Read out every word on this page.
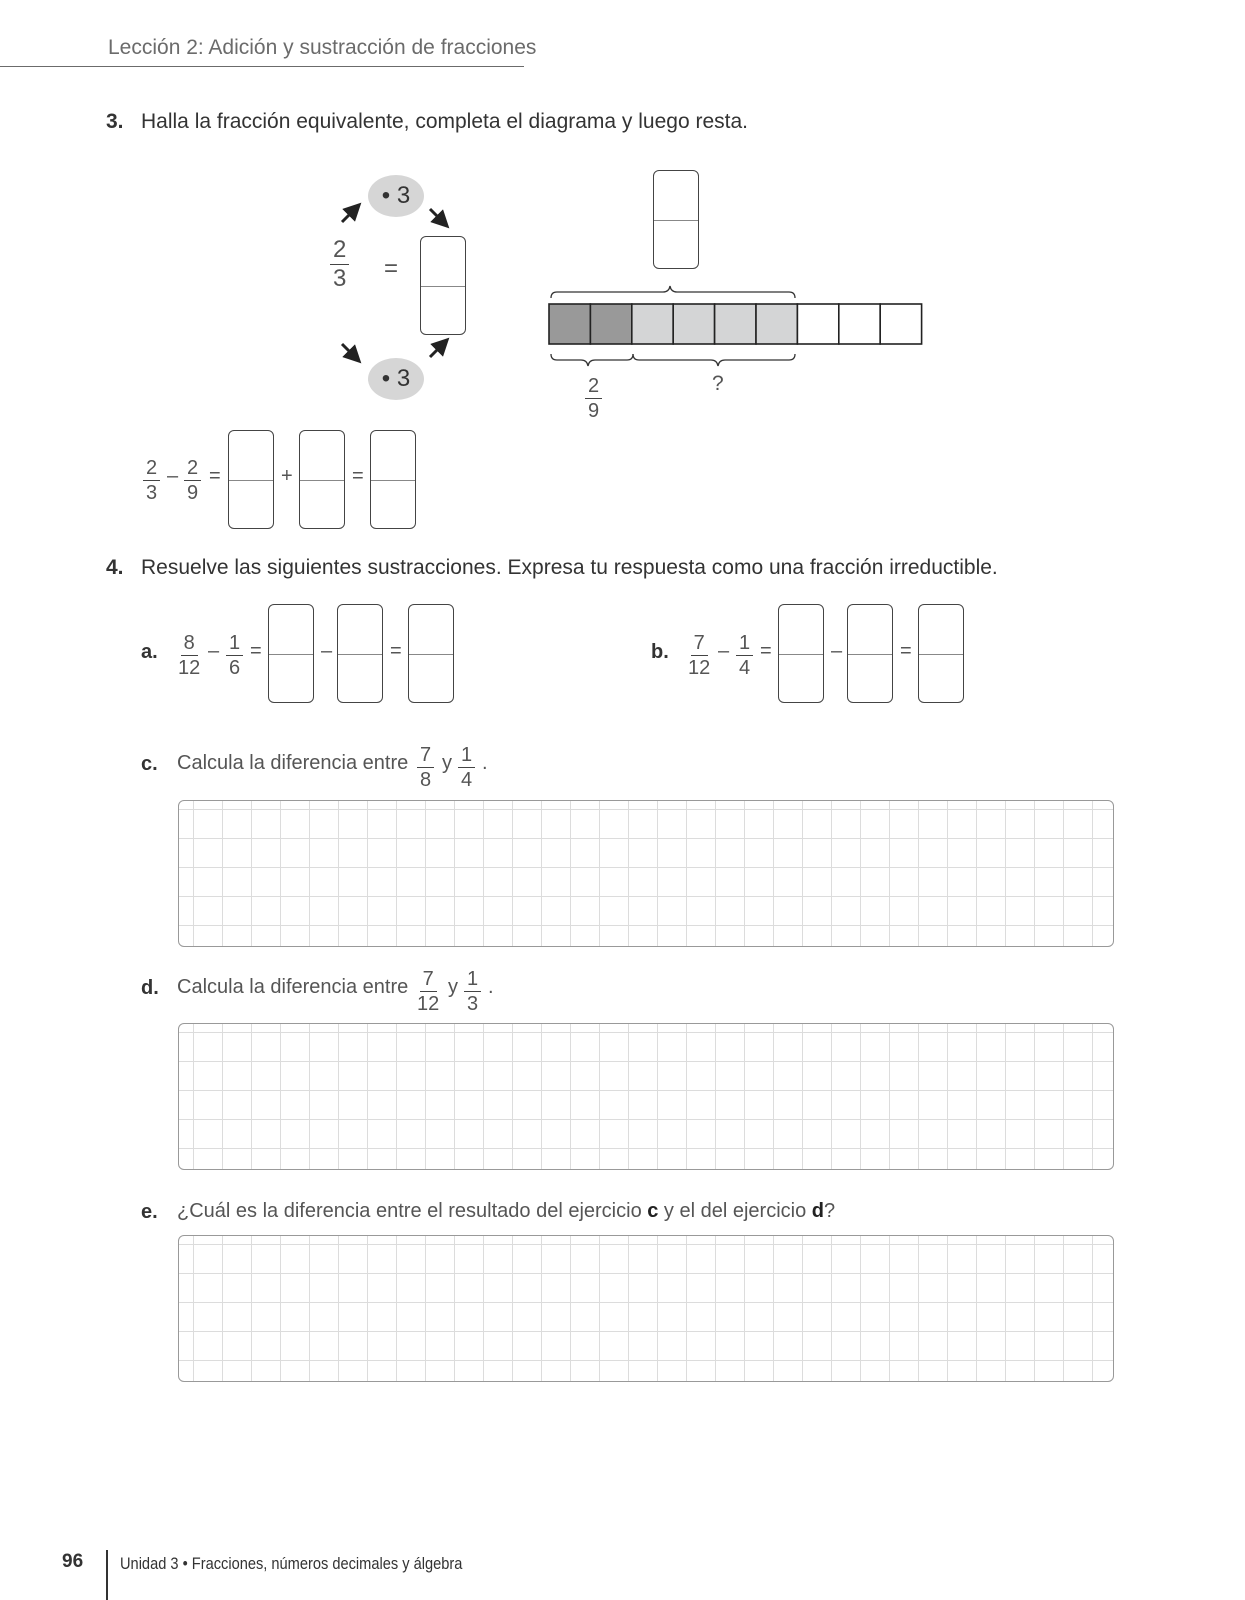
Lección 2: Adición y sustracción de fracciones
3. Halla la fracción equivalente, completa el diagrama y luego resta.
• 3
• 3
$\frac{2}{3}$ =
$\frac{2}{9}$	?
$\frac{2}{3} - \frac{2}{9}$ =	+	=
4. Resuelve las siguientes sustracciones. Expresa tu respuesta como una fracción irreductible.
a. $\frac{8}{12} - \frac{1}{6}$ =	–	=	b. $\frac{7}{12} - \frac{1}{4}$ =	–	=
c. Calcula la diferencia entre $\frac{7}{8}$ y $\frac{1}{4}$ .
d. Calcula la diferencia entre $\frac{7}{12}$ y $\frac{1}{3}$ .
e. ¿Cuál es la diferencia entre el resultado del ejercicio c y el del ejercicio d?
96 Unidad 3 • Fracciones, números decimales y álgebra
